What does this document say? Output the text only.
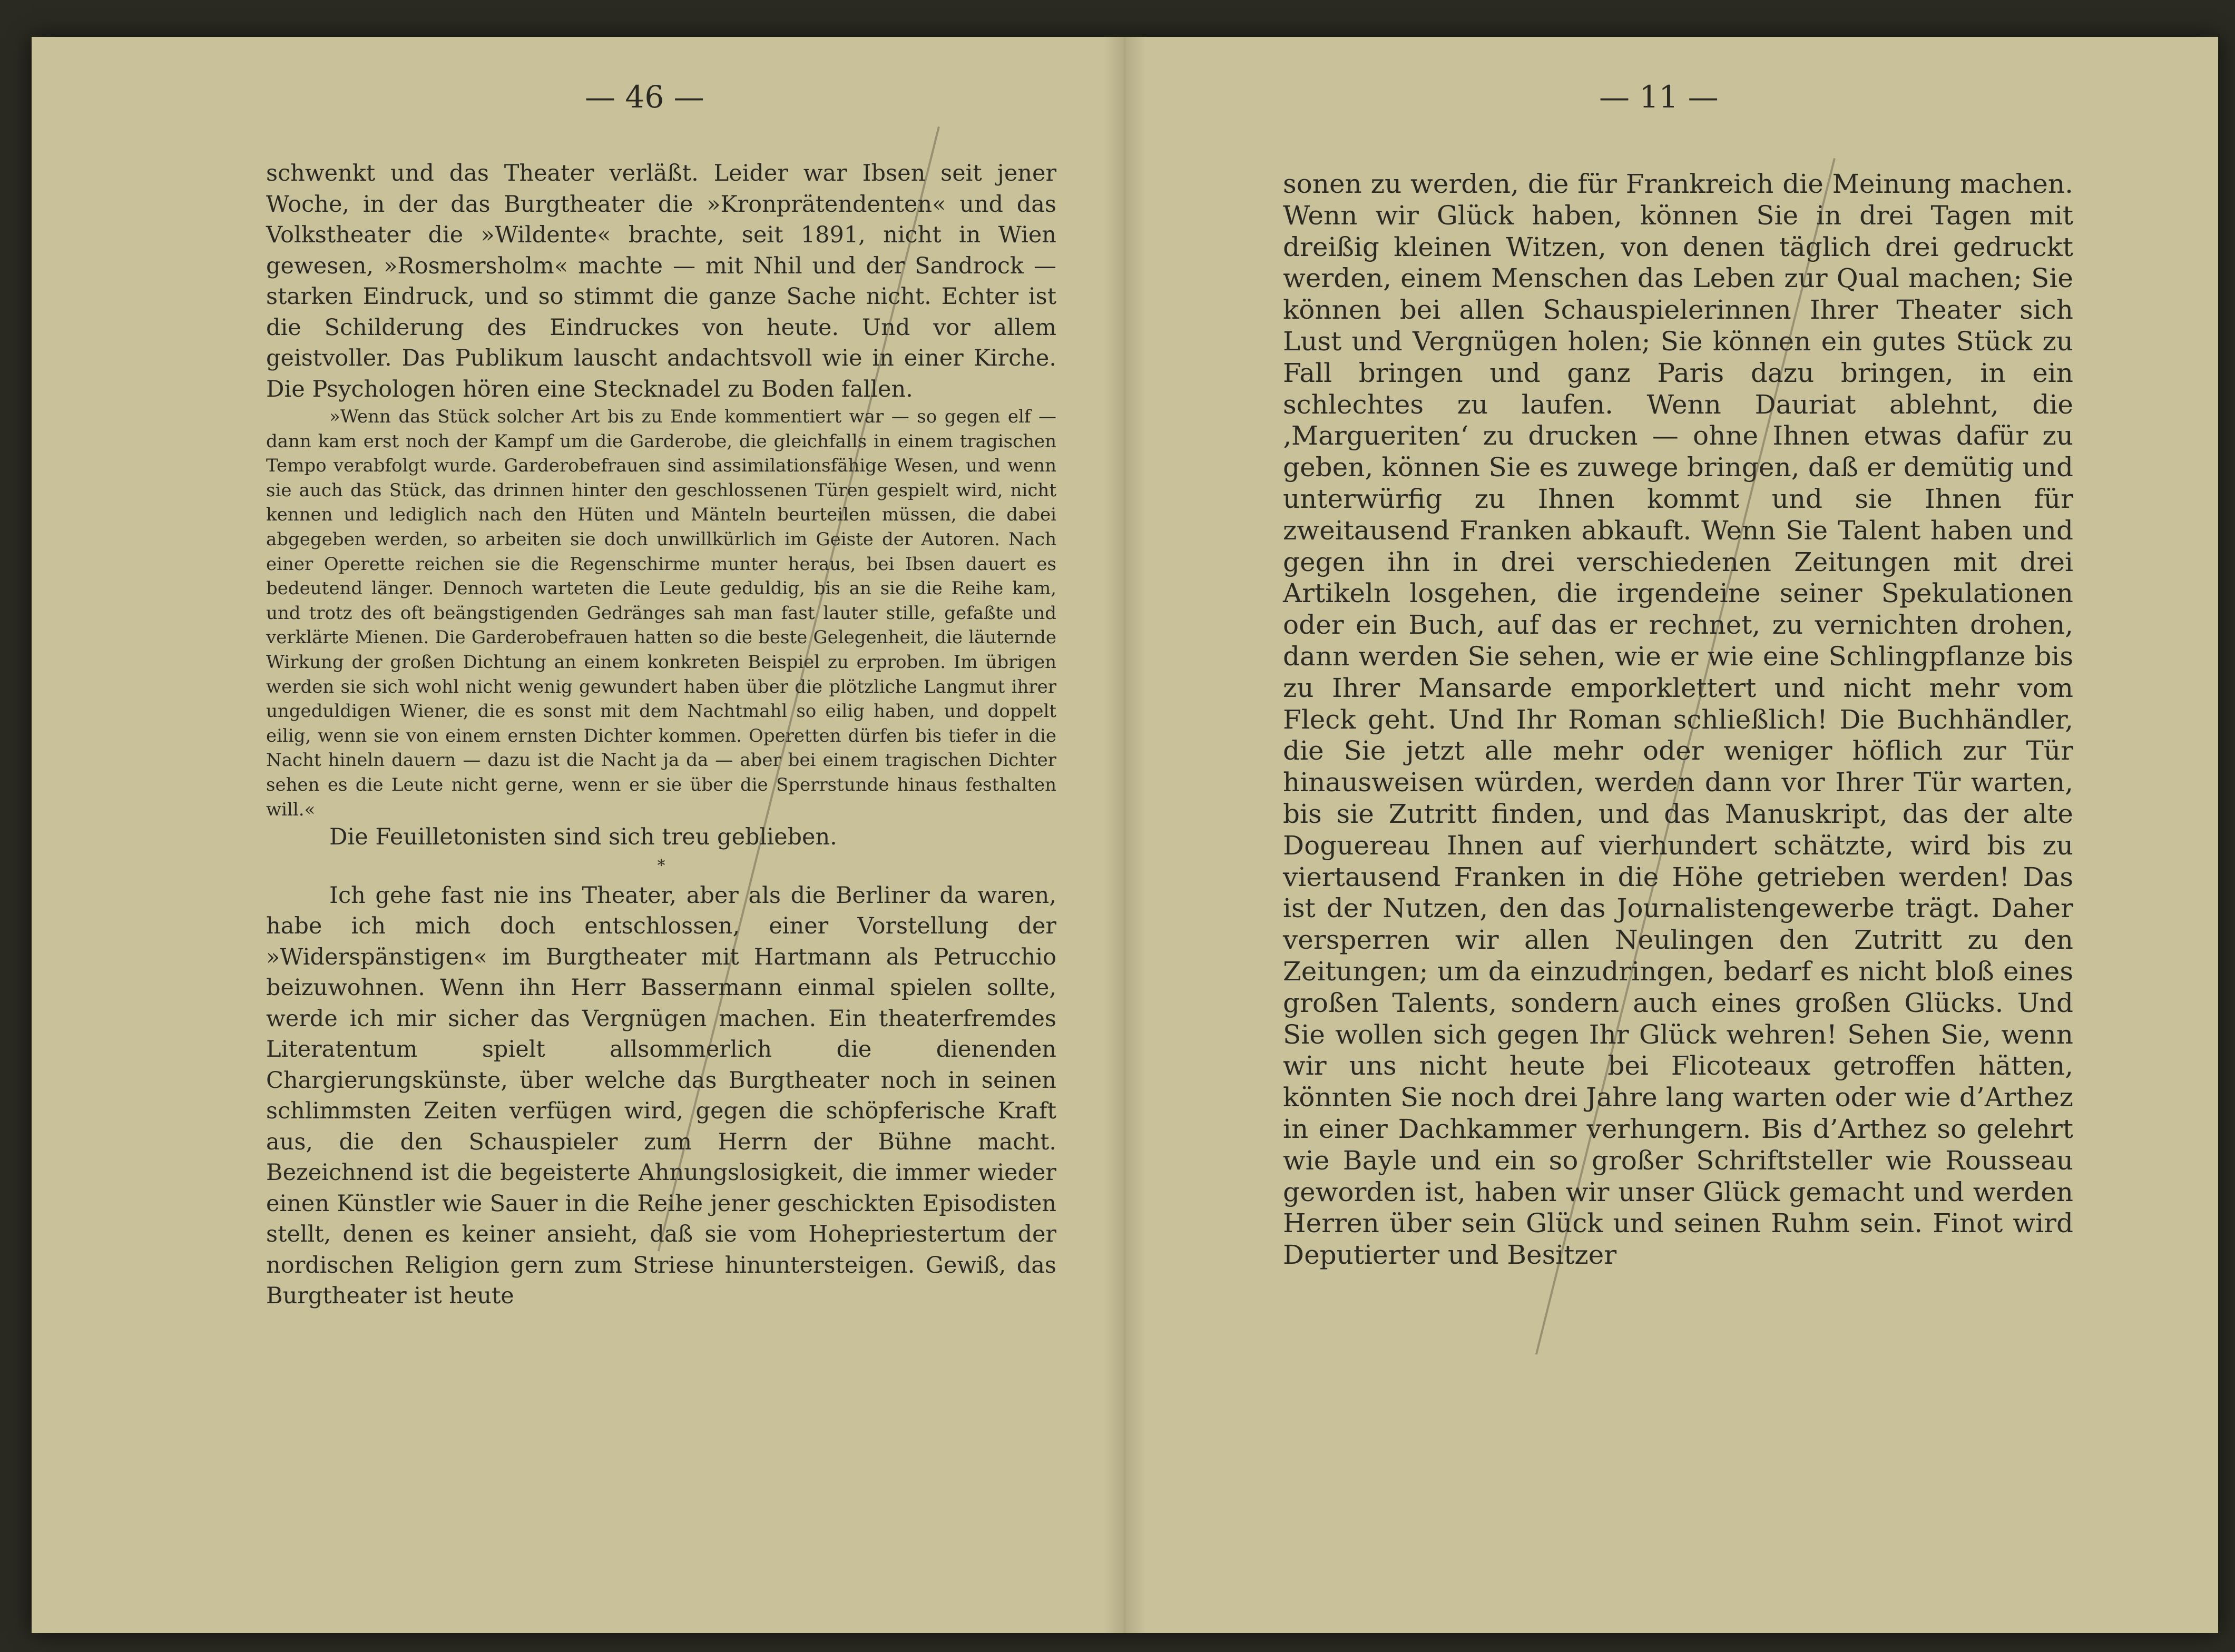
— 46 —	— 11 —

schwenkt und das Theater verläßt. Leider war Ibsen seit jener Woche, in der das Burgtheater die »Kronprätendenten« und das Volkstheater die »Wildente« brachte, seit 1891, nicht in Wien gewesen, »Rosmersholm« machte — mit Nhil und der Sandrock — starken Eindruck, und so stimmt die ganze Sache nicht. Echter ist die Schilderung des Eindruckes von heute. Und vor allem geistvoller. Das Publikum lauscht andachtsvoll wie in einer Kirche. Die Psychologen hören eine Stecknadel zu Boden fallen.

»Wenn das Stück solcher Art bis zu Ende kommentiert war — so gegen elf — dann kam erst noch der Kampf um die Garderobe, die gleichfalls in einem tragischen Tempo verabfolgt wurde. Garderobefrauen sind assimilationsfähige Wesen, und wenn sie auch das Stück, das drinnen hinter den geschlossenen Türen gespielt wird, nicht kennen und lediglich nach den Hüten und Mänteln beurteilen müssen, die dabei abgegeben werden, so arbeiten sie doch unwillkürlich im Geiste der Autoren. Nach einer Operette reichen sie die Regenschirme munter heraus, bei Ibsen dauert es bedeutend länger. Dennoch warteten die Leute geduldig, bis an sie die Reihe kam, und trotz des oft beängstigenden Gedränges sah man fast lauter stille, gefaßte und verklärte Mienen. Die Garderobefrauen hatten so die beste Gelegenheit, die läuternde Wirkung der großen Dichtung an einem konkreten Beispiel zu erproben. Im übrigen werden sie sich wohl nicht wenig gewundert haben über die plötzliche Langmut ihrer ungeduldigen Wiener, die es sonst mit dem Nachtmahl so eilig haben, und doppelt eilig, wenn sie von einem ernsten Dichter kommen. Operetten dürfen bis tiefer in die Nacht hineln dauern — dazu ist die Nacht ja da — aber bei einem tragischen Dichter sehen es die Leute nicht gerne, wenn er sie über die Sperrstunde hinaus festhalten will.«

Die Feuilletonisten sind sich treu geblieben.

*

Ich gehe fast nie ins Theater, aber als die Berliner da waren, habe ich mich doch entschlossen, einer Vorstellung der »Widerspänstigen« im Burgtheater mit Hartmann als Petrucchio beizuwohnen. Wenn ihn Herr Bassermann einmal spielen sollte, werde ich mir sicher das Vergnügen machen. Ein theaterfremdes Literatentum spielt allsommerlich die dienenden Chargierungskünste, über welche das Burgtheater noch in seinen schlimmsten Zeiten verfügen wird, gegen die schöpferische Kraft aus, die den Schauspieler zum Herrn der Bühne macht. Bezeichnend ist die begeisterte Ahnungslosigkeit, die immer wieder einen Künstler wie Sauer in die Reihe jener geschickten Episodisten stellt, denen es keiner ansieht, daß sie vom Hohepriestertum der nordischen Religion gern zum Striese hinuntersteigen. Gewiß, das Burgtheater ist heute

sonen zu werden, die für Frankreich die Meinung machen. Wenn wir Glück haben, können Sie in drei Tagen mit dreißig kleinen Witzen, von denen täglich drei gedruckt werden, einem Menschen das Leben zur Qual machen; Sie können bei allen Schauspielerinnen Ihrer Theater sich Lust und Vergnügen holen; Sie können ein gutes Stück zu Fall bringen und ganz Paris dazu bringen, in ein schlechtes zu laufen. Wenn Dauriat ablehnt, die ‚Margueriten‘ zu drucken — ohne Ihnen etwas dafür zu geben, können Sie es zuwege bringen, daß er demütig und unterwürfig zu Ihnen kommt und sie Ihnen für zweitausend Franken abkauft. Wenn Sie Talent haben und gegen ihn in drei verschiedenen Zeitungen mit drei Artikeln losgehen, die irgendeine seiner Spekulationen oder ein Buch, auf das er rechnet, zu vernichten drohen, dann werden Sie sehen, wie er wie eine Schlingpflanze bis zu Ihrer Mansarde emporklettert und nicht mehr vom Fleck geht. Und Ihr Roman schließlich! Die Buchhändler, die Sie jetzt alle mehr oder weniger höflich zur Tür hinausweisen würden, werden dann vor Ihrer Tür warten, bis sie Zutritt finden, und das Manuskript, das der alte Doguereau Ihnen auf vierhundert schätzte, wird bis zu viertausend Franken in die Höhe getrieben werden! Das ist der Nutzen, den das Journalistengewerbe trägt. Daher versperren wir allen Neulingen den Zutritt zu den Zeitungen; um da einzudringen, bedarf es nicht bloß eines großen Talents, sondern auch eines großen Glücks. Und Sie wollen sich gegen Ihr Glück wehren! Sehen Sie, wenn wir uns nicht heute bei Flicoteaux getroffen hätten, könnten Sie noch drei Jahre lang warten oder wie d’Arthez in einer Dachkammer verhungern. Bis d’Arthez so gelehrt wie Bayle und ein so großer Schriftsteller wie Rousseau geworden ist, haben wir unser Glück gemacht und werden Herren über sein Glück und seinen Ruhm sein. Finot wird Deputierter und Besitzer
